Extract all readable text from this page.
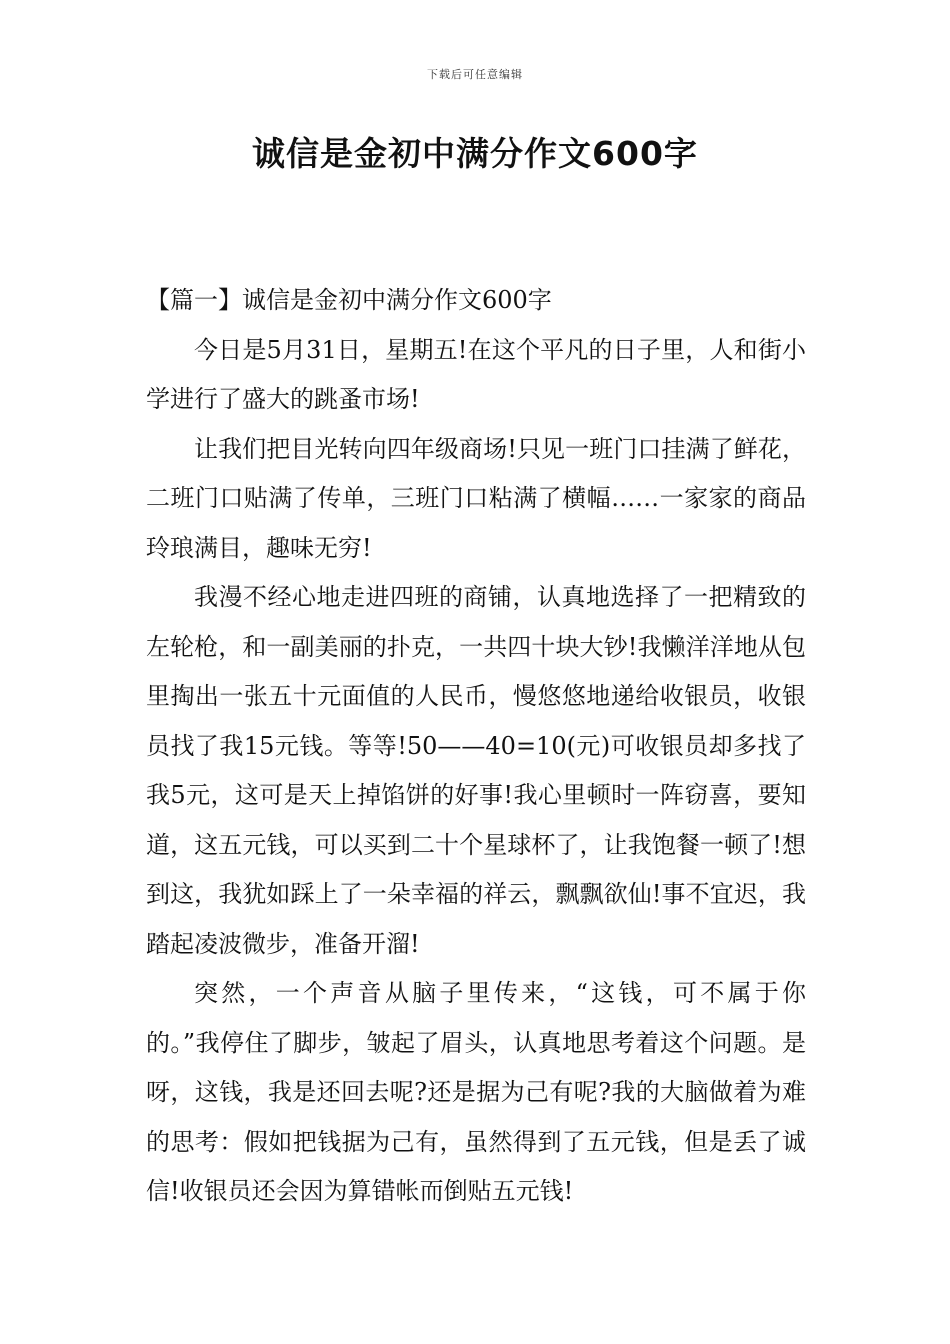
下载后可任意编辑
诚信是金初中满分作文600字

【篇一】诚信是金初中满分作文600字

今日是5月31日，星期五!在这个平凡的日子里，人和街小学进行了盛大的跳蚤市场!

让我们把目光转向四年级商场!只见一班门口挂满了鲜花，二班门口贴满了传单，三班门口粘满了横幅……一家家的商品玲琅满目，趣味无穷!

我漫不经心地走进四班的商铺，认真地选择了一把精致的左轮枪，和一副美丽的扑克，一共四十块大钞!我懒洋洋地从包里掏出一张五十元面值的人民币，慢悠悠地递给收银员，收银员找了我15元钱。等等!50——40=10(元)可收银员却多找了我5元，这可是天上掉馅饼的好事!我心里顿时一阵窃喜，要知道，这五元钱，可以买到二十个星球杯了，让我饱餐一顿了!想到这，我犹如踩上了一朵幸福的祥云，飘飘欲仙!事不宜迟，我踏起凌波微步，准备开溜!

突然，一个声音从脑子里传来，“这钱，可不属于你的。”我停住了脚步，皱起了眉头，认真地思考着这个问题。是呀，这钱，我是还回去呢?还是据为己有呢?我的大脑做着为难的思考：假如把钱据为己有，虽然得到了五元钱，但是丢了诚信!收银员还会因为算错帐而倒贴五元钱!
